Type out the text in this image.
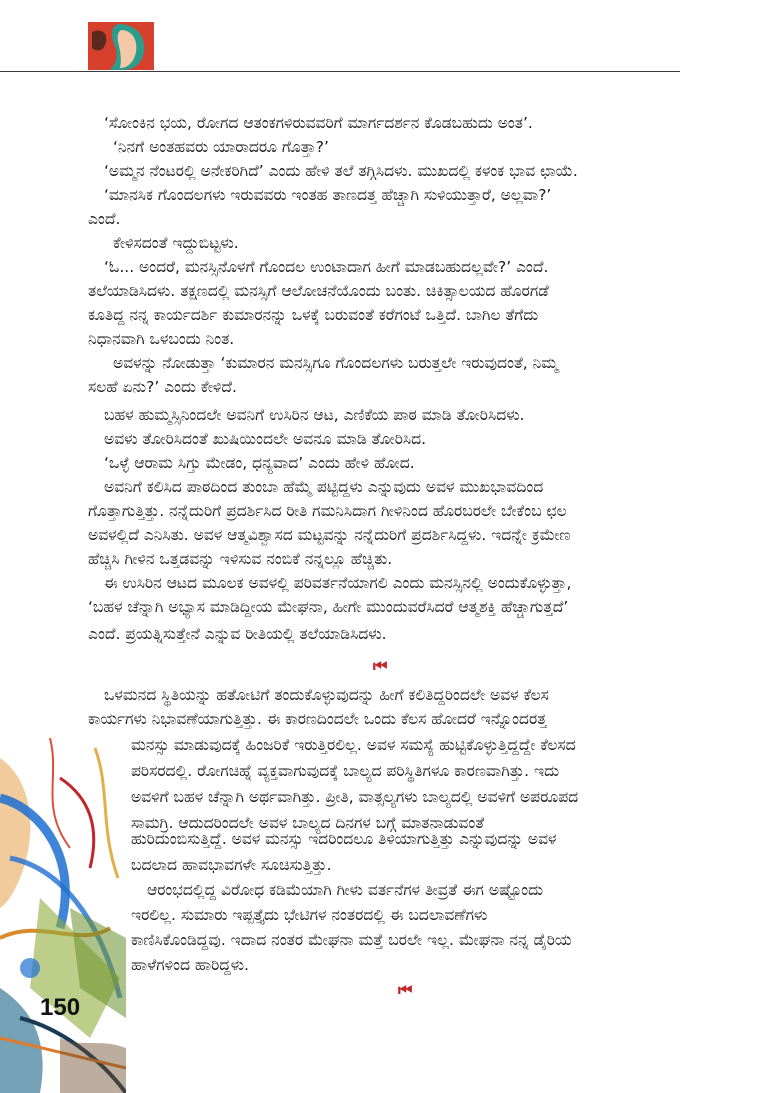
‘ಸೋಂಕಿನ ಭಯ, ರೋಗದ ಆತಂಕಗಳಿರುವವರಿಗೆ ಮಾರ್ಗದರ್ಶನ ಕೊಡಬಹುದು ಅಂತ’.
‘ನಿನಗೆ ಅಂತಹವರು ಯಾರಾದರೂ ಗೊತ್ತಾ?’
‘ಅಮ್ಮನ ನೆಂಟರಲ್ಲಿ ಅನೇಕರಿಗಿದೆ’ ಎಂದು ಹೇಳಿ ತಲೆ ತಗ್ಗಿಸಿದಳು. ಮುಖದಲ್ಲಿ ಕಳಂಕ ಭಾವ ಛಾಯೆ.
‘ಮಾನಸಿಕ ಗೊಂದಲಗಳು ಇರುವವರು ಇಂತಹ ತಾಣದತ್ತ ಹೆಚ್ಚಾಗಿ ಸುಳಿಯುತ್ತಾರೆ, ಅಲ್ಲವಾ?’
ಎಂದೆ.
ಕೇಳಿಸದಂತೆ ಇದ್ದುಬಿಟ್ಟಳು.
‘ಓ... ಅಂದರೆ, ಮನಸ್ಸಿನೊಳಗೆ ಗೊಂದಲ ಉಂಟಾದಾಗ ಹೀಗೆ ಮಾಡಬಹುದಲ್ಲವೇ?’ ಎಂದೆ.
ತಲೆಯಾಡಿಸಿದಳು. ತಕ್ಷಣದಲ್ಲಿ ಮನಸ್ಸಿಗೆ ಆಲೋಚನೆಯೊಂದು ಬಂತು. ಚಿಕಿತ್ಸಾಲಯದ ಹೊರಗಡೆ
ಕೂತಿದ್ದ ನನ್ನ ಕಾರ್ಯದರ್ಶಿ ಕುಮಾರನನ್ನು ಒಳಕ್ಕೆ ಬರುವಂತೆ ಕರೆಗಂಟೆ ಒತ್ತಿದೆ. ಬಾಗಿಲ ತೆಗೆದು
ನಿಧಾನವಾಗಿ ಒಳಬಂದು ನಿಂತ.
ಅವಳನ್ನು ನೋಡುತ್ತಾ ‘ಕುಮಾರನ ಮನಸ್ಸಿಗೂ ಗೊಂದಲಗಳು ಬರುತ್ತಲೇ ಇರುವುದಂತೆ, ನಿಮ್ಮ
ಸಲಹೆ ಏನು?’ ಎಂದು ಕೇಳಿದೆ.
ಬಹಳ ಹುಮ್ಮಸ್ಸಿನಿಂದಲೇ ಅವನಿಗೆ ಉಸಿರಿನ ಆಟ, ಎಣಿಕೆಯ ಪಾಠ ಮಾಡಿ ತೋರಿಸಿದಳು.
ಅವಳು ತೋರಿಸಿದಂತೆ ಖುಷಿಯಿಂದಲೇ ಅವನೂ ಮಾಡಿ ತೋರಿಸಿದ.
‘ಒಳ್ಳೆ ಆರಾಮ ಸಿಗ್ತು ಮೇಡಂ, ಧನ್ಯವಾದ’ ಎಂದು ಹೇಳಿ ಹೋದ.
ಅವನಿಗೆ ಕಲಿಸಿದ ಪಾಠದಿಂದ ತುಂಬಾ ಹೆಮ್ಮೆ ಪಟ್ಟಿದ್ದಳು ಎನ್ನುವುದು ಅವಳ ಮುಖಭಾವದಿಂದ
ಗೊತ್ತಾಗುತ್ತಿತ್ತು. ನನ್ನೆದುರಿಗೆ ಪ್ರದರ್ಶಿಸಿದ ರೀತಿ ಗಮನಿಸಿದಾಗ ಗೀಳಿನಿಂದ ಹೊರಬರಲೇ ಬೇಕೆಂಬ ಛಲ
ಅವಳಲ್ಲಿದೆ ಎನಿಸಿತು. ಅವಳ ಆತ್ಮವಿಶ್ವಾಸದ ಮಟ್ಟವನ್ನು ನನ್ನೆದುರಿಗೆ ಪ್ರದರ್ಶಿಸಿದ್ದಳು. ಇದನ್ನೇ ಕ್ರಮೇಣ
ಹೆಚ್ಚಿಸಿ ಗೀಳಿನ ಒತ್ತಡವನ್ನು ಇಳಿಸುವ ನಂಬಿಕೆ ನನ್ನಲ್ಲೂ ಹೆಚ್ಚಿತು.
ಈ ಉಸಿರಿನ ಆಟದ ಮೂಲಕ ಅವಳಲ್ಲಿ ಪರಿವರ್ತನೆಯಾಗಲಿ ಎಂದು ಮನಸ್ಸಿನಲ್ಲಿ ಅಂದುಕೊಳ್ಳುತ್ತಾ,
‘ಬಹಳ ಚೆನ್ನಾಗಿ ಅಭ್ಯಾಸ ಮಾಡಿದ್ದೀಯ ಮೇಘನಾ, ಹೀಗೇ ಮುಂದುವರೆಸಿದರೆ ಆತ್ಮಶಕ್ತಿ ಹೆಚ್ಚಾಗುತ್ತದೆ’
ಎಂದೆ. ಪ್ರಯತ್ನಿಸುತ್ತೇನೆ ಎನ್ನುವ ರೀತಿಯಲ್ಲಿ ತಲೆಯಾಡಿಸಿದಳು.
⏮
ಒಳಮನದ ಸ್ಥಿತಿಯನ್ನು ಹತೋಟಿಗೆ ತಂದುಕೊಳ್ಳುವುದನ್ನು ಹೀಗೆ ಕಲಿತಿದ್ದರಿಂದಲೇ ಅವಳ ಕೆಲಸ
ಕಾರ್ಯಗಳು ನಿಭಾವಣೆಯಾಗುತ್ತಿತ್ತು. ಈ ಕಾರಣದಿಂದಲೇ ಒಂದು ಕೆಲಸ ಹೋದರೆ ಇನ್ನೊಂದರತ್ತ
ಮನಸ್ಸು ಮಾಡುವುದಕ್ಕೆ ಹಿಂಜರಿಕೆ ಇರುತ್ತಿರಲಿಲ್ಲ. ಅವಳ ಸಮಸ್ಯೆ ಹುಟ್ಟಿಕೊಳ್ಳುತ್ತಿದ್ದದ್ದೇ ಕೆಲಸದ
ಪರಿಸರದಲ್ಲಿ. ರೋಗಚಿಹ್ನೆ ವ್ಯಕ್ತವಾಗುವುದಕ್ಕೆ ಬಾಲ್ಯದ ಪರಿಸ್ಥಿತಿಗಳೂ ಕಾರಣವಾಗಿತ್ತು. ಇದು
ಅವಳಿಗೆ ಬಹಳ ಚೆನ್ನಾಗಿ ಅರ್ಥವಾಗಿತ್ತು. ಪ್ರೀತಿ, ವಾತ್ಸಲ್ಯಗಳು ಬಾಲ್ಯದಲ್ಲಿ ಅವಳಿಗೆ ಅಪರೂಪದ
ಸಾಮಗ್ರಿ. ಆದುದರಿಂದಲೇ ಅವಳ ಬಾಲ್ಯದ ದಿನಗಳ ಬಗ್ಗೆ ಮಾತನಾಡುವಂತೆ
ಹುರಿದುಂಬಿಸುತ್ತಿದ್ದೆ. ಅವಳ ಮನಸ್ಸು ಇದರಿಂದಲೂ ತಿಳಿಯಾಗುತ್ತಿತ್ತು ಎನ್ನುವುದನ್ನು ಅವಳ
ಬದಲಾದ ಹಾವಭಾವಗಳೇ ಸೂಚಿಸುತ್ತಿತ್ತು.
ಆರಂಭದಲ್ಲಿದ್ದ ವಿರೋಧ ಕಡಿಮೆಯಾಗಿ ಗೀಳು ವರ್ತನೆಗಳ ತೀವ್ರತೆ ಈಗ ಅಷ್ಟೊಂದು
ಇರಲಿಲ್ಲ. ಸುಮಾರು ಇಪ್ಪತ್ತೈದು ಭೇಟಿಗಳ ನಂತರದಲ್ಲಿ ಈ ಬದಲಾವಣೆಗಳು
ಕಾಣಿಸಿಕೊಂಡಿದ್ದವು. ಇದಾದ ನಂತರ ಮೇಘನಾ ಮತ್ತೆ ಬರಲೇ ಇಲ್ಲ. ಮೇಘನಾ ನನ್ನ ಡೈರಿಯ
ಹಾಳೆಗಳಿಂದ ಹಾರಿದ್ದಳು.
⏮
150
